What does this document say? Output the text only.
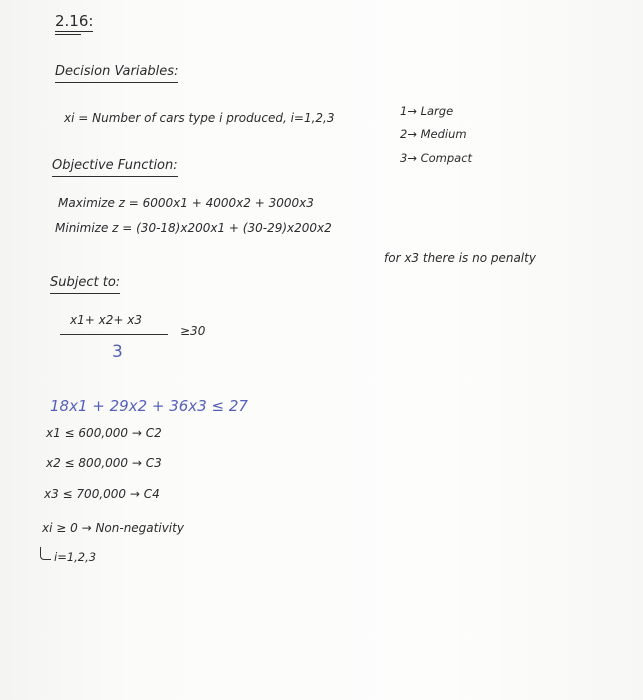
2.16:
Decision Variables:
xi = Number of cars type i produced, i=1,2,3	1→ Large
2→ Medium
3→ Compact
Objective Function:
Maximize z = 6000x1 + 4000x2 + 3000x3
Minimize z = (30-18)x200x1 + (30-29)x200x2
for x3 there is no penalty
Subject to:
x1+ x2+ x3
≥30
3
18x1 + 29x2 + 36x3 ≤ 27
x1 ≤ 600,000 → C2
x2 ≤ 800,000 → C3
x3 ≤ 700,000 → C4
xi ≥ 0 → Non-negativity
i=1,2,3
